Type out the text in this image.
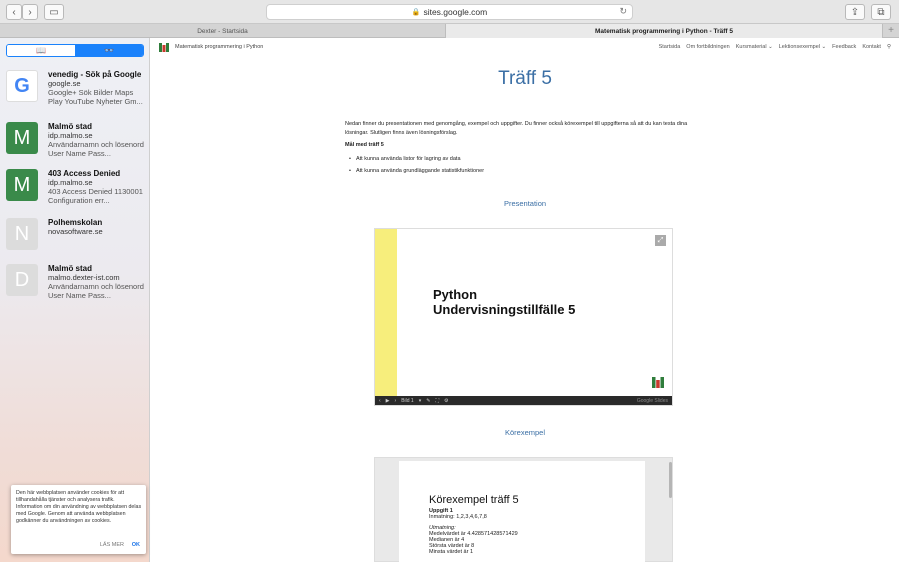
‹	›	▭	🔒 sites.google.com	↻	⇪	⧉
Dexter - Startsida	Matematisk programmering i Python - Träff 5	+
📖	👓
G	venedig - Sök på Google
google.se
Google+ Sök Bilder Maps Play YouTube Nyheter Gm...
M	Malmö stad
idp.malmo.se
Användarnamn och lösenord User Name Pass...
M	403 Access Denied
idp.malmo.se
403 Access Denied 1130001 Configuration err...
N	Polhemskolan
novasoftware.se
D	Malmö stad
malmo.dexter-ist.com
Användarnamn och lösenord User Name Pass...
Den här webbplatsen använder cookies för att tillhandahålla tjänster och analysera trafik. Information om din användning av webbplatsen delas med Google. Genom att använda webbplatsen godkänner du användningen av cookies.
LÄS MER OK
Matematisk programmering i Python	Startsida Om fortbildningen Kursmaterial ⌄ Lektionsexempel ⌄ Feedback Kontakt ⚲
Träff 5
Nedan finner du presentationen med genomgång, exempel och uppgifter. Du finner också körexempel till uppgifterna så att du kan testa dina lösningar. Slutligen finns även lösningsförslag.
Mål med träff 5
• Att kunna använda listor för lagring av data
• Att kunna använda grundläggande statistikfunktioner
Presentation
⤢
Python
Undervisningstillfälle 5
‹ ▶ › Bild 1 ▾ ✎ ⛶ ⚙	Google Slides
Körexempel
Körexempel träff 5
Uppgift 1
Inmatning: 1,2,3,4,6,7,8
Utmatning:
Medelvärdet är 4.428571428571429
Medianen är 4
Största värdet är 8
Minsta värdet är 1
